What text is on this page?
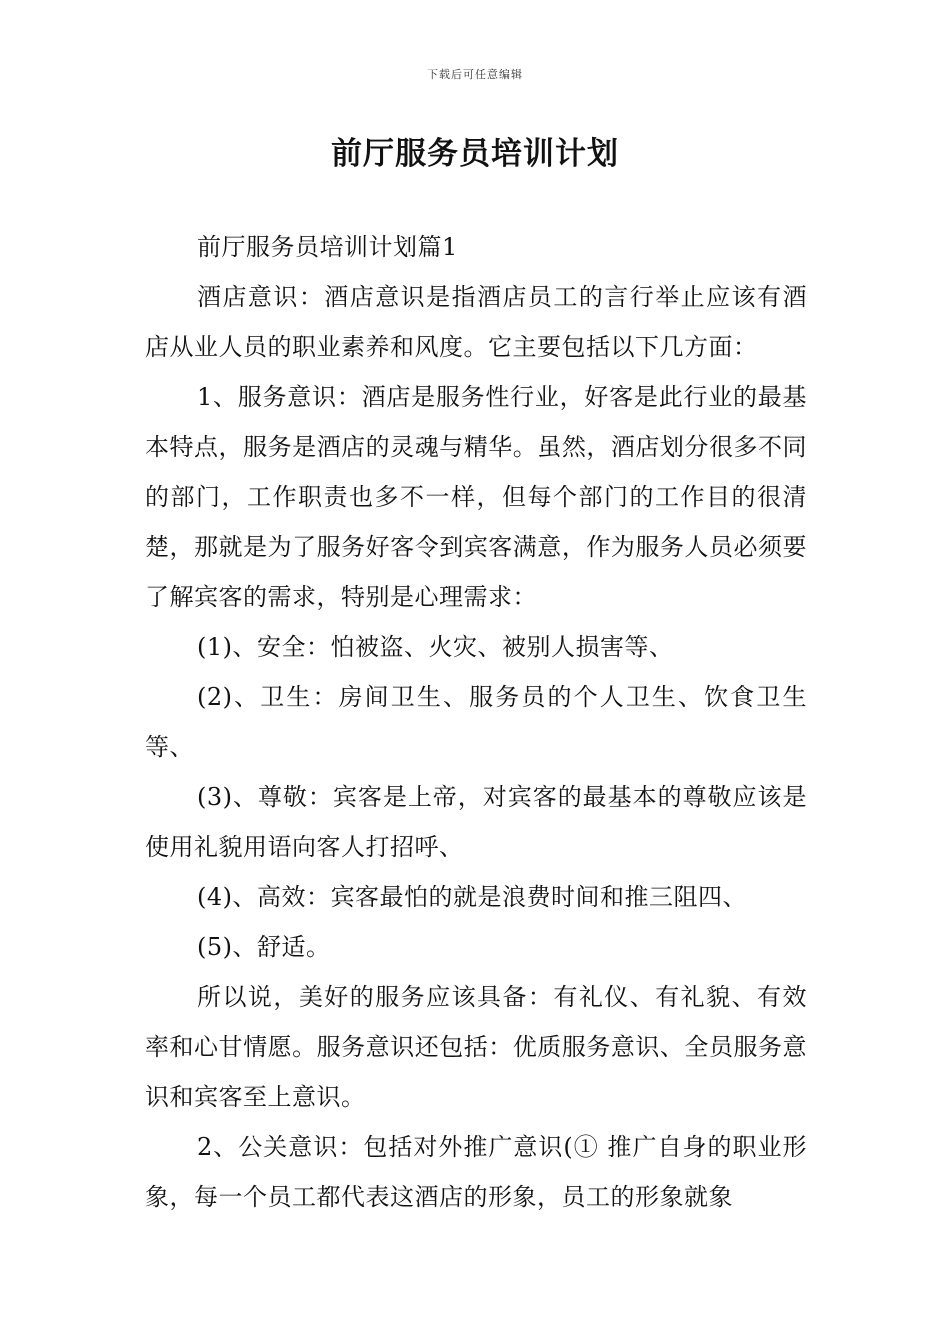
下载后可任意编辑
前厅服务员培训计划

前厅服务员培训计划篇1

酒店意识：酒店意识是指酒店员工的言行举止应该有酒店从业人员的职业素养和风度。它主要包括以下几方面：

1、服务意识：酒店是服务性行业，好客是此行业的最基本特点，服务是酒店的灵魂与精华。虽然，酒店划分很多不同的部门，工作职责也多不一样，但每个部门的工作目的很清楚，那就是为了服务好客令到宾客满意，作为服务人员必须要了解宾客的需求，特别是心理需求：

(1)、安全：怕被盗、火灾、被别人损害等、

(2)、卫生：房间卫生、服务员的个人卫生、饮食卫生等、

(3)、尊敬：宾客是上帝，对宾客的最基本的尊敬应该是使用礼貌用语向客人打招呼、

(4)、高效：宾客最怕的就是浪费时间和推三阻四、

(5)、舒适。

所以说，美好的服务应该具备：有礼仪、有礼貌、有效率和心甘情愿。服务意识还包括：优质服务意识、全员服务意识和宾客至上意识。

2、公关意识：包括对外推广意识(① 推广自身的职业形象，每一个员工都代表这酒店的形象，员工的形象就象
